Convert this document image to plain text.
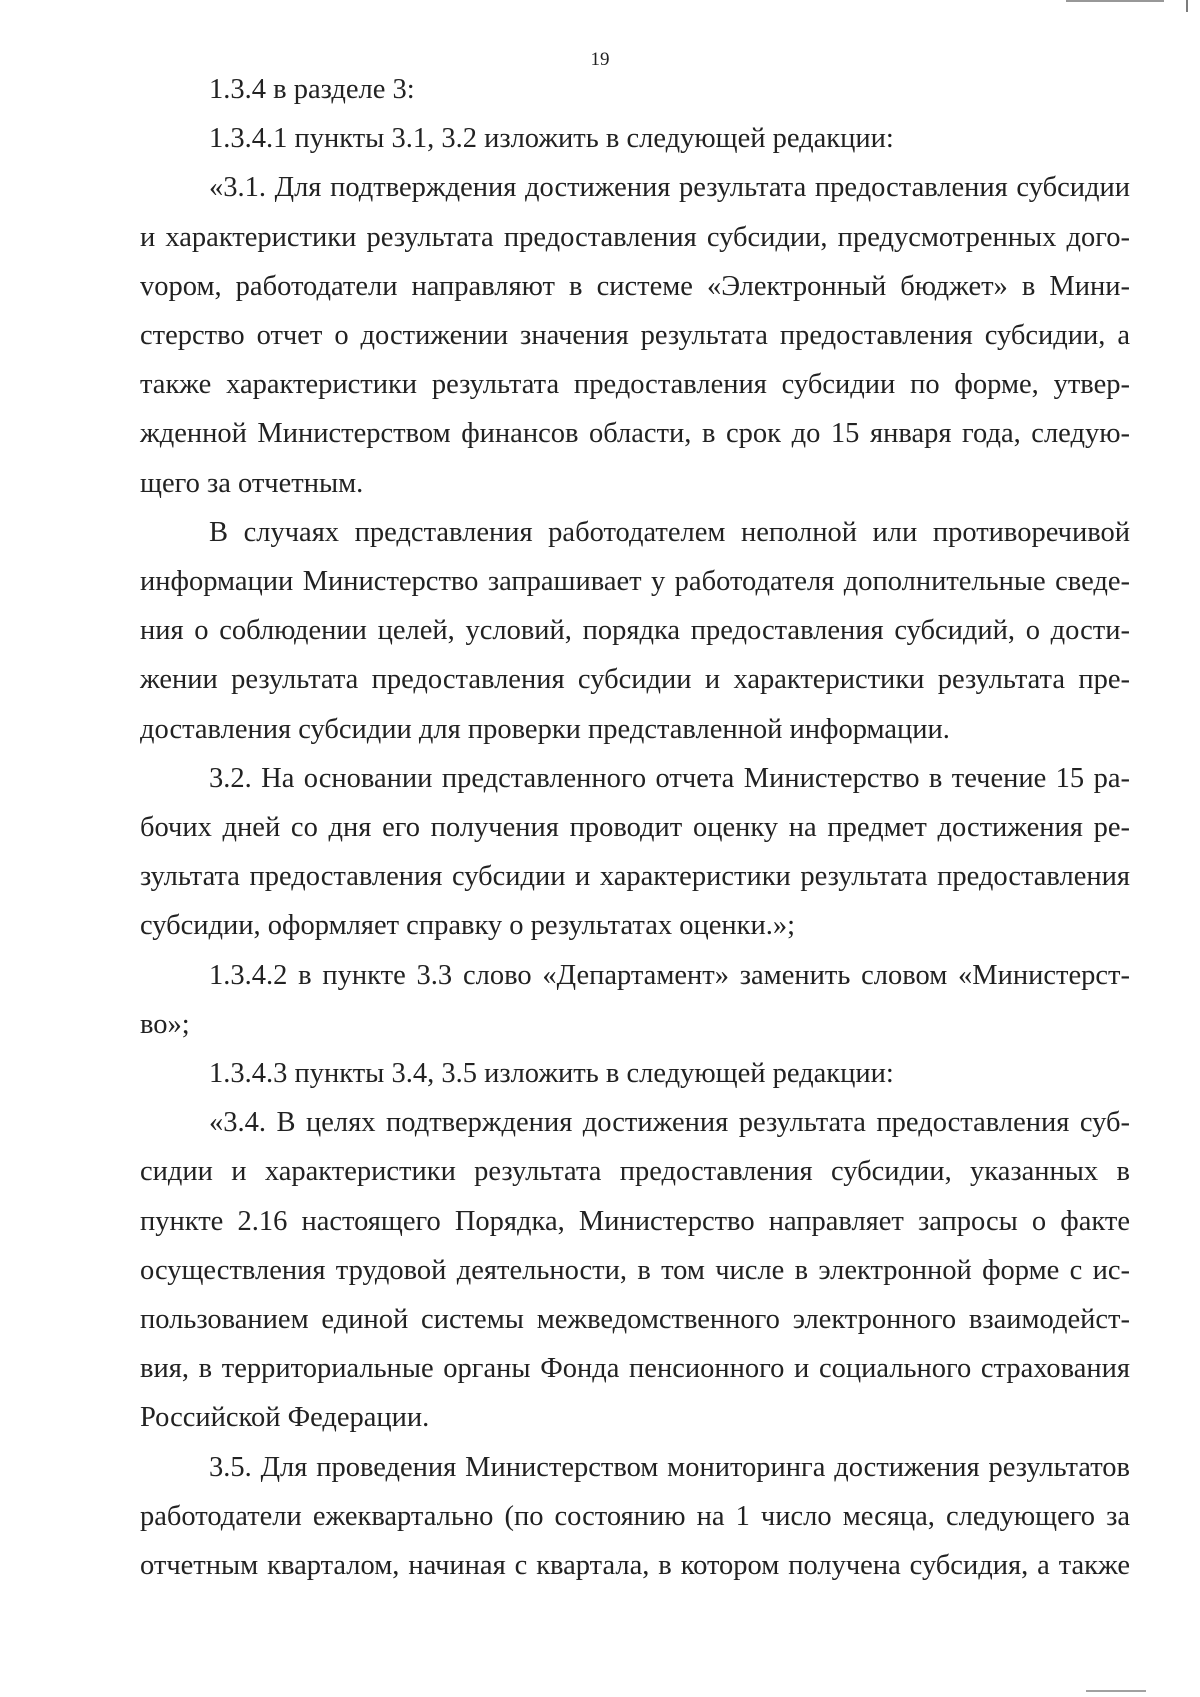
19

1.3.4 в разделе 3:

1.3.4.1 пункты 3.1, 3.2 изложить в следующей редакции:

«3.1. Для подтверждения достижения результата предоставления субсидии и характеристики результата предоставления субсидии, предусмотренных догоvором, работодатели направляют в системе «Электронный бюджет» в Министерство отчет о достижении значения результата предоставления субсидии, а также характеристики результата предоставления субсидии по форме, утвержденной Министерством финансов области, в срок до 15 января года, следующего за отчетным.

В случаях представления работодателем неполной или противоречивой информации Министерство запрашивает у работодателя дополнительные сведения о соблюдении целей, условий, порядка предоставления субсидий, о достижении результата предоставления субсидии и характеристики результата предоставления субсидии для проверки представленной информации.

3.2. На основании представленного отчета Министерство в течение 15 рабочих дней со дня его получения проводит оценку на предмет достижения результата предоставления субсидии и характеристики результата предоставления субсидии, оформляет справку о результатах оценки.»;

1.3.4.2 в пункте 3.3 слово «Департамент» заменить словом «Министерство»;

1.3.4.3 пункты 3.4, 3.5 изложить в следующей редакции:

«3.4. В целях подтверждения достижения результата предоставления субсидии и характеристики результата предоставления субсидии, указанных в пункте 2.16 настоящего Порядка, Министерство направляет запросы о факте осуществления трудовой деятельности, в том числе в электронной форме с использованием единой системы межведомственного электронного взаимодействия, в территориальные органы Фонда пенсионного и социального страхования Российской Федерации.

3.5. Для проведения Министерством мониторинга достижения результатов работодатели ежеквартально (по состоянию на 1 число месяца, следующего за отчетным кварталом, начиная с квартала, в котором получена субсидия, а также
